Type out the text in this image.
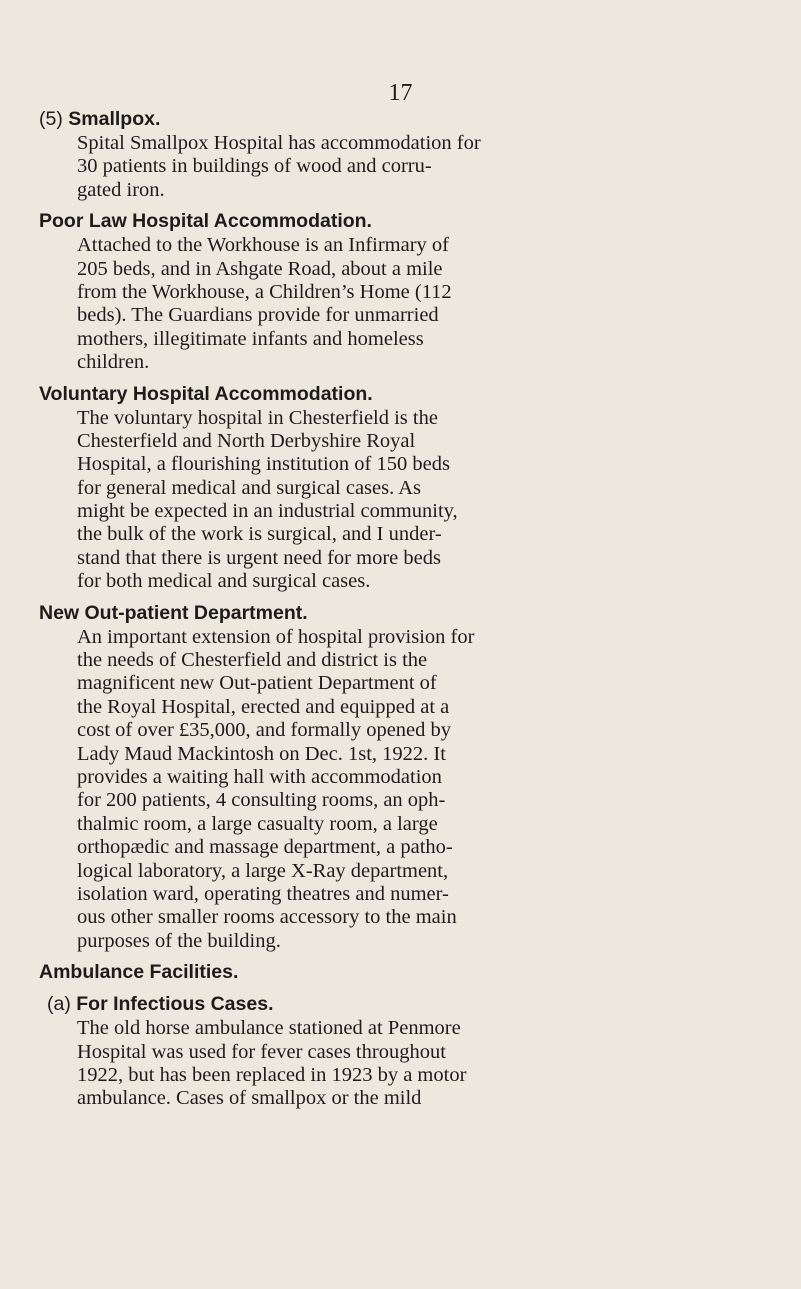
17

(5) Smallpox.

Spital Smallpox Hospital has accommodation for
30 patients in buildings of wood and corru-
gated iron.

Poor Law Hospital Accommodation.

Attached to the Workhouse is an Infirmary of
205 beds, and in Ashgate Road, about a mile
from the Workhouse, a Children’s Home (112
beds). The Guardians provide for unmarried
mothers, illegitimate infants and homeless
children.

Voluntary Hospital Accommodation.

The voluntary hospital in Chesterfield is the
Chesterfield and North Derbyshire Royal
Hospital, a flourishing institution of 150 beds
for general medical and surgical cases. As
might be expected in an industrial community,
the bulk of the work is surgical, and I under-
stand that there is urgent need for more beds
for both medical and surgical cases.

New Out-patient Department.

An important extension of hospital provision for
the needs of Chesterfield and district is the
magnificent new Out-patient Department of
the Royal Hospital, erected and equipped at a
cost of over £35,000, and formally opened by
Lady Maud Mackintosh on Dec. 1st, 1922. It
provides a waiting hall with accommodation
for 200 patients, 4 consulting rooms, an oph-
thalmic room, a large casualty room, a large
orthopædic and massage department, a patho-
logical laboratory, a large X-Ray department,
isolation ward, operating theatres and numer-
ous other smaller rooms accessory to the main
purposes of the building.

Ambulance Facilities.

(a) For Infectious Cases.

The old horse ambulance stationed at Penmore
Hospital was used for fever cases throughout
1922, but has been replaced in 1923 by a motor
ambulance. Cases of smallpox or the mild
